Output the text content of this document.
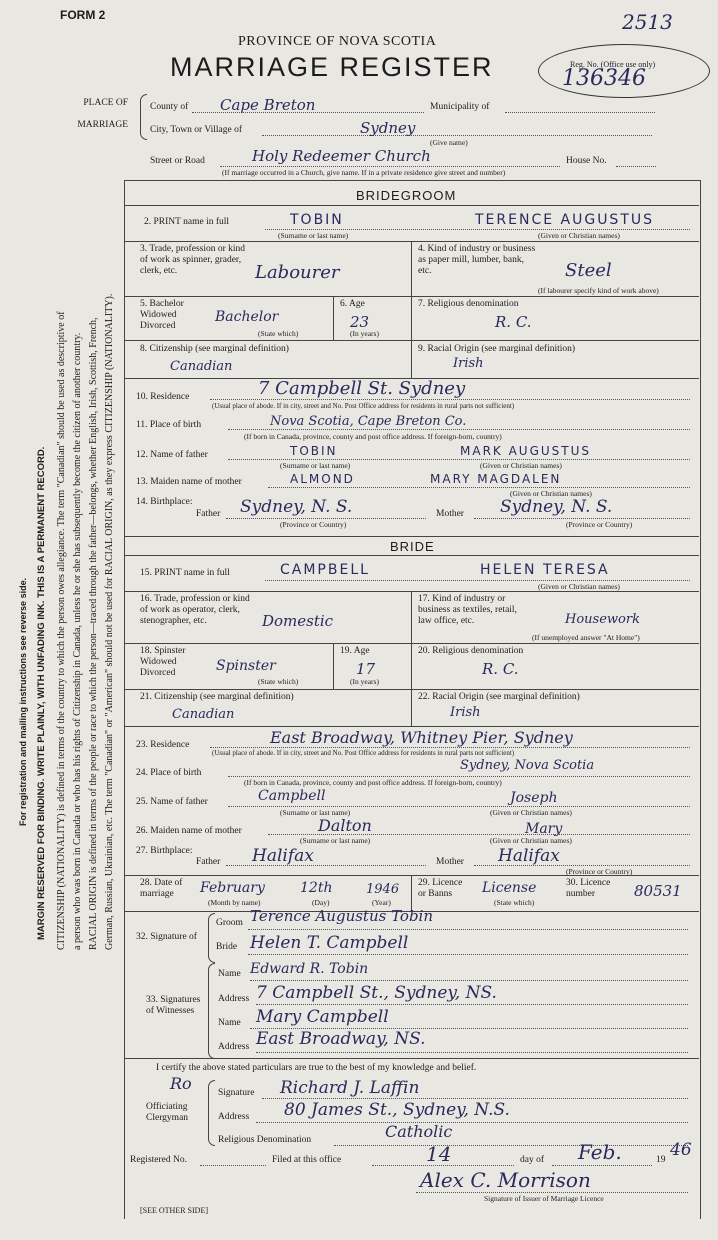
FORM 2	2513
PROVINCE OF NOVA SCOTIA
MARRIAGE REGISTER	Reg. No. (Office use only)
136346
PLACE OF

MARRIAGE
County of Cape Breton	Municipality of
City, Town or Village of	Sydney
(Give name)
Street or Road	Holy Redeemer Church	House No.
(If marriage occurred in a Church, give name. If in a private residence give street and number)
For registration and mailing instructions see reverse side. MARGIN RESERVED FOR BINDING. WRITE PLAINLY, WITH UNFADING INK. THIS IS A PERMANENT RECORD. CITIZENSHIP (NATIONALITY) is defined in terms of the country to which the person owes allegiance. The term "Canadian" should be used as descriptive of a person who was born in Canada or who has his rights of Citizenship in Canada, unless he or she has subsequently become the citizen of another country. RACIAL ORIGIN is defined in terms of the people or race to which the person—traced through the father—belongs, whether English, Irish, Scottish, French, German, Russian, Ukrainian, etc. The term "Canadian" or "American" should not be used for RACIAL ORIGIN, as they express CITIZENSHIP (NATIONALITY).
BRIDEGROOM
2. PRINT name in full	TOBIN	TERENCE AUGUSTUS
(Surname or last name)	(Given or Christian names)
3. Trade, profession or kind of work as spinner, grader, clerk, etc.	Labourer
4. Kind of industry or business as paper mill, lumber, bank, etc.	Steel
(If labourer specify kind of work above)
5. Bachelor Widowed Divorced
Bachelor
(State which)
6. Age
23
(In years)
7. Religious denomination
R. C.
8. Citizenship (see marginal definition)
Canadian
9. Racial Origin (see marginal definition)
Irish
10. Residence	7 Campbell St. Sydney
(Usual place of abode. If in city, street and No. Post Office address for residents in rural parts not sufficient)
11. Place of birth	Nova Scotia, Cape Breton Co.
(If born in Canada, province, county and post office address. If foreign-born, country)
12. Name of father	TOBIN	MARK AUGUSTUS
(Surname or last name)	(Given or Christian names)
13. Maiden name of mother	ALMOND	MARY MAGDALEN
(Given or Christian names)
14. Birthplace:
Father Sydney, N. S.
(Province or Country)
Mother Sydney, N. S.
(Province or Country)
BRIDE
15. PRINT name in full	CAMPBELL	HELEN TERESA
(Given or Christian names)
16. Trade, profession or kind of work as operator, clerk, stenographer, etc.	Domestic
17. Kind of industry or business as textiles, retail, law office, etc.	Housework
(If unemployed answer "At Home")
18. Spinster Widowed Divorced	Spinster
(State which)
19. Age
17
(In years)
20. Religious denomination
R. C.
21. Citizenship (see marginal definition)
Canadian
22. Racial Origin (see marginal definition)
Irish
23. Residence	East Broadway, Whitney Pier, Sydney
(Usual place of abode. If in city, street and No. Post Office address for residents in rural parts not sufficient)
24. Place of birth	Sydney, Nova Scotia
(If born in Canada, province, county and post office address. If foreign-born, country)
25. Name of father	Campbell	Joseph
(Surname or last name)	(Given or Christian names)
26. Maiden name of mother	Dalton	Mary
(Surname or last name)	(Given or Christian names)
27. Birthplace:
Father Halifax	Mother Halifax
(Province or Country)
28. Date of marriage	February	12th	1946
(Month by name)	(Day)	(Year)
29. Licence or Banns	License
(State which)
30. Licence number	80531
32. Signature of
Groom Terence Augustus Tobin
Bride Helen T. Campbell
33. Signatures of Witnesses
Name Edward R. Tobin
Address 7 Campbell St., Sydney, NS.
Name Mary Campbell
Address East Broadway, NS.
I certify the above stated particulars are true to the best of my knowledge and belief.
Ro
Officiating Clergyman
Signature Richard J. Laffin
Address 80 James St., Sydney, N.S.
Religious Denomination	Catholic
Registered No.	Filed at this office	14	day of Feb.	19 46
Alex C. Morrison
Signature of Issuer of Marriage Licence
[SEE OTHER SIDE]
